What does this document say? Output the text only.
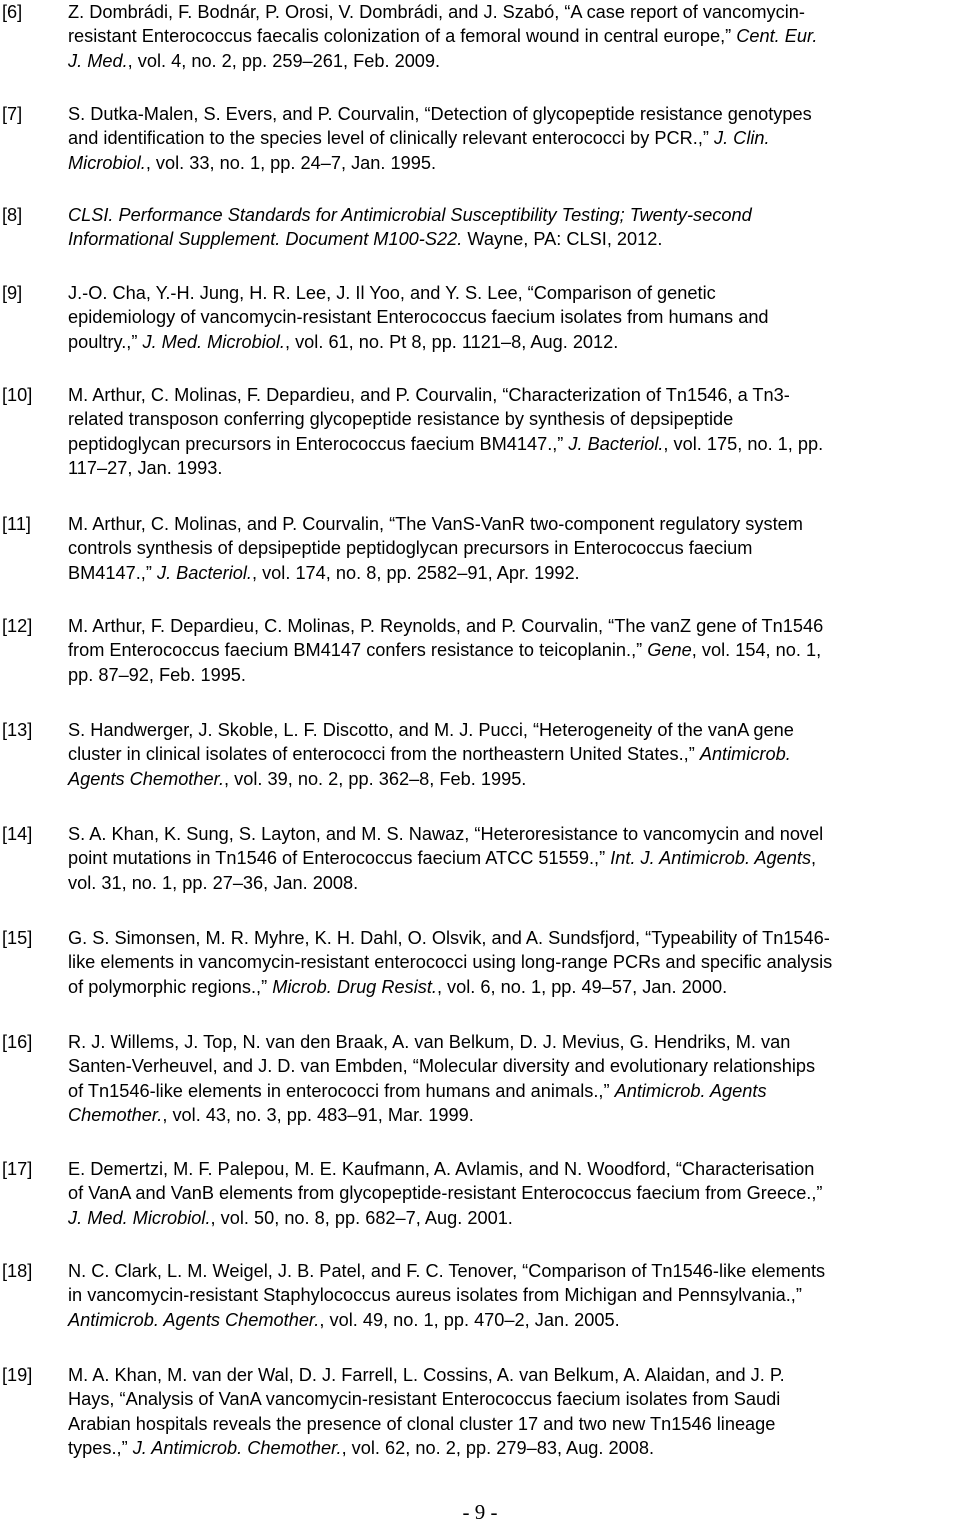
[6]	Z. Dombrádi, F. Bodnár, P. Orosi, V. Dombrádi, and J. Szabó, “A case report of vancomycin-
resistant Enterococcus faecalis colonization of a femoral wound in central europe,” Cent. Eur.
J. Med., vol. 4, no. 2, pp. 259–261, Feb. 2009.
[7]	S. Dutka-Malen, S. Evers, and P. Courvalin, “Detection of glycopeptide resistance genotypes
and identification to the species level of clinically relevant enterococci by PCR.,” J. Clin.
Microbiol., vol. 33, no. 1, pp. 24–7, Jan. 1995.
[8]	CLSI. Performance Standards for Antimicrobial Susceptibility Testing; Twenty-second
Informational Supplement. Document M100-S22. Wayne, PA: CLSI, 2012.
[9]	J.-O. Cha, Y.-H. Jung, H. R. Lee, J. Il Yoo, and Y. S. Lee, “Comparison of genetic
epidemiology of vancomycin-resistant Enterococcus faecium isolates from humans and
poultry.,” J. Med. Microbiol., vol. 61, no. Pt 8, pp. 1121–8, Aug. 2012.
[10] M. Arthur, C. Molinas, F. Depardieu, and P. Courvalin, “Characterization of Tn1546, a Tn3-
related transposon conferring glycopeptide resistance by synthesis of depsipeptide
peptidoglycan precursors in Enterococcus faecium BM4147.,” J. Bacteriol., vol. 175, no. 1, pp.
117–27, Jan. 1993.
[11] M. Arthur, C. Molinas, and P. Courvalin, “The VanS-VanR two-component regulatory system
controls synthesis of depsipeptide peptidoglycan precursors in Enterococcus faecium
BM4147.,” J. Bacteriol., vol. 174, no. 8, pp. 2582–91, Apr. 1992.
[12] M. Arthur, F. Depardieu, C. Molinas, P. Reynolds, and P. Courvalin, “The vanZ gene of Tn1546
from Enterococcus faecium BM4147 confers resistance to teicoplanin.,” Gene, vol. 154, no. 1,
pp. 87–92, Feb. 1995.
[13] S. Handwerger, J. Skoble, L. F. Discotto, and M. J. Pucci, “Heterogeneity of the vanA gene
cluster in clinical isolates of enterococci from the northeastern United States.,” Antimicrob.
Agents Chemother., vol. 39, no. 2, pp. 362–8, Feb. 1995.
[14] S. A. Khan, K. Sung, S. Layton, and M. S. Nawaz, “Heteroresistance to vancomycin and novel
point mutations in Tn1546 of Enterococcus faecium ATCC 51559.,” Int. J. Antimicrob. Agents,
vol. 31, no. 1, pp. 27–36, Jan. 2008.
[15] G. S. Simonsen, M. R. Myhre, K. H. Dahl, O. Olsvik, and A. Sundsfjord, “Typeability of Tn1546-
like elements in vancomycin-resistant enterococci using long-range PCRs and specific analysis
of polymorphic regions.,” Microb. Drug Resist., vol. 6, no. 1, pp. 49–57, Jan. 2000.
[16] R. J. Willems, J. Top, N. van den Braak, A. van Belkum, D. J. Mevius, G. Hendriks, M. van
Santen-Verheuvel, and J. D. van Embden, “Molecular diversity and evolutionary relationships
of Tn1546-like elements in enterococci from humans and animals.,” Antimicrob. Agents
Chemother., vol. 43, no. 3, pp. 483–91, Mar. 1999.
[17] E. Demertzi, M. F. Palepou, M. E. Kaufmann, A. Avlamis, and N. Woodford, “Characterisation
of VanA and VanB elements from glycopeptide-resistant Enterococcus faecium from Greece.,”
J. Med. Microbiol., vol. 50, no. 8, pp. 682–7, Aug. 2001.
[18] N. C. Clark, L. M. Weigel, J. B. Patel, and F. C. Tenover, “Comparison of Tn1546-like elements
in vancomycin-resistant Staphylococcus aureus isolates from Michigan and Pennsylvania.,”
Antimicrob. Agents Chemother., vol. 49, no. 1, pp. 470–2, Jan. 2005.
[19] M. A. Khan, M. van der Wal, D. J. Farrell, L. Cossins, A. van Belkum, A. Alaidan, and J. P.
Hays, “Analysis of VanA vancomycin-resistant Enterococcus faecium isolates from Saudi
Arabian hospitals reveals the presence of clonal cluster 17 and two new Tn1546 lineage
types.,” J. Antimicrob. Chemother., vol. 62, no. 2, pp. 279–83, Aug. 2008.
- 9 -
